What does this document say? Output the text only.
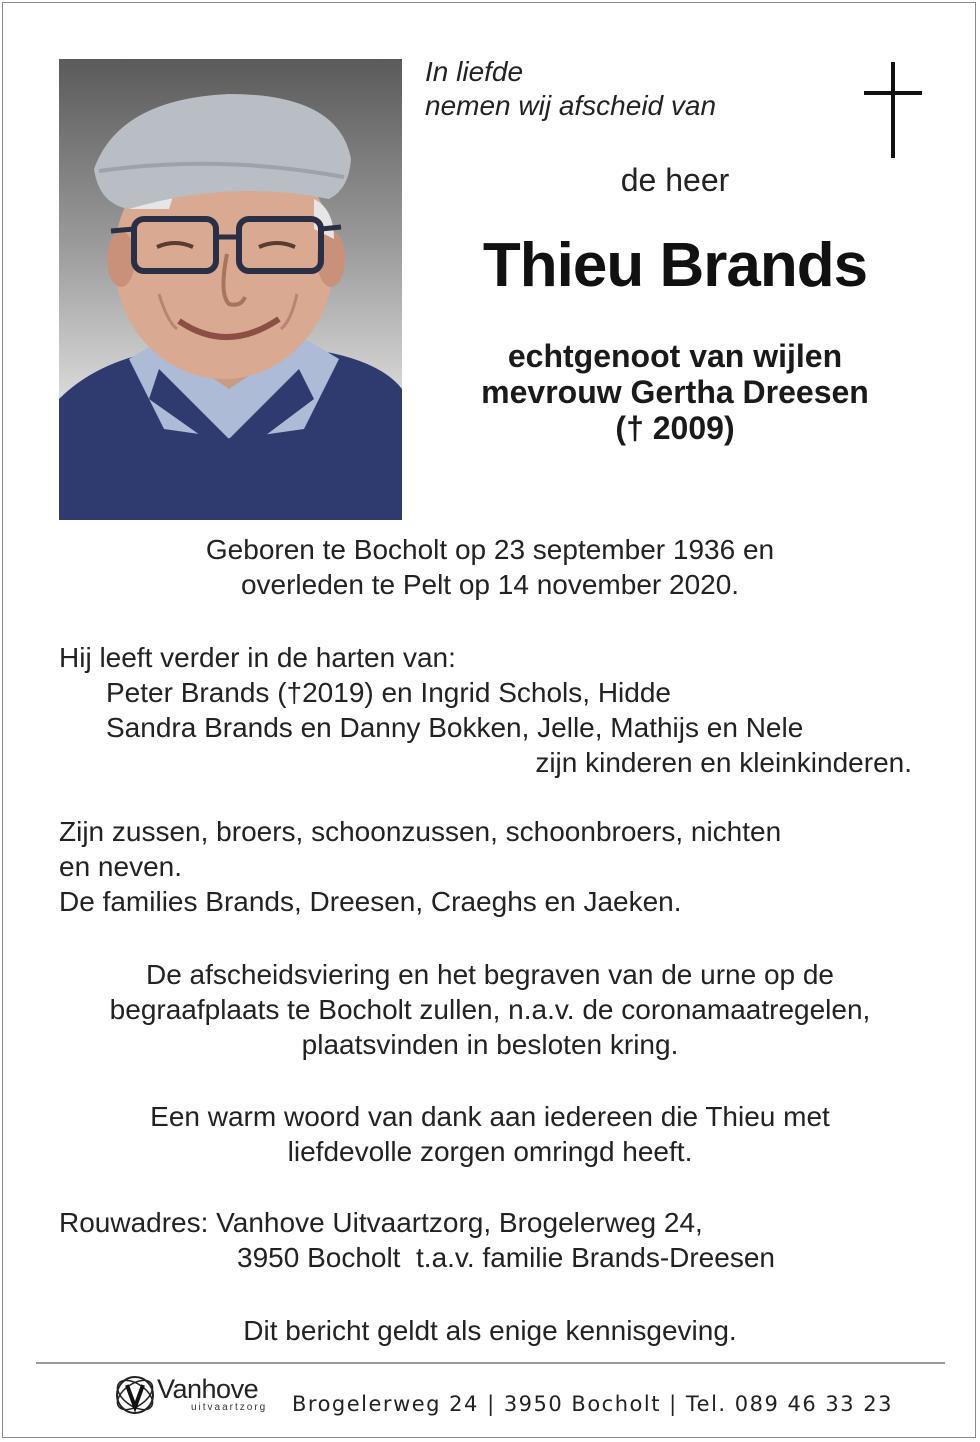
In liefde
nemen wij afscheid van

de heer

Thieu Brands

echtgenoot van wijlen
mevrouw Gertha Dreesen
(† 2009)
Geboren te Bocholt op 23 september 1936 en
overleden te Pelt op 14 november 2020.
Hij leeft verder in de harten van:
Peter Brands (†2019) en Ingrid Schols, Hidde
Sandra Brands en Danny Bokken, Jelle, Mathijs en Nele
zijn kinderen en kleinkinderen.
Zijn zussen, broers, schoonzussen, schoonbroers, nichten
en neven.
De families Brands, Dreesen, Craeghs en Jaeken.
De afscheidsviering en het begraven van de urne op de
begraafplaats te Bocholt zullen, n.a.v. de coronamaatregelen,
plaatsvinden in besloten kring.
Een warm woord van dank aan iedereen die Thieu met
liefdevolle zorgen omringd heeft.
Rouwadres: Vanhove Uitvaartzorg, Brogelerweg 24,
3950 Bocholt  t.a.v. familie Brands-Dreesen
Dit bericht geldt als enige kennisgeving.
Vanhove
uitvaartzorg Brogelerweg 24 | 3950 Bocholt | Tel. 089 46 33 23
